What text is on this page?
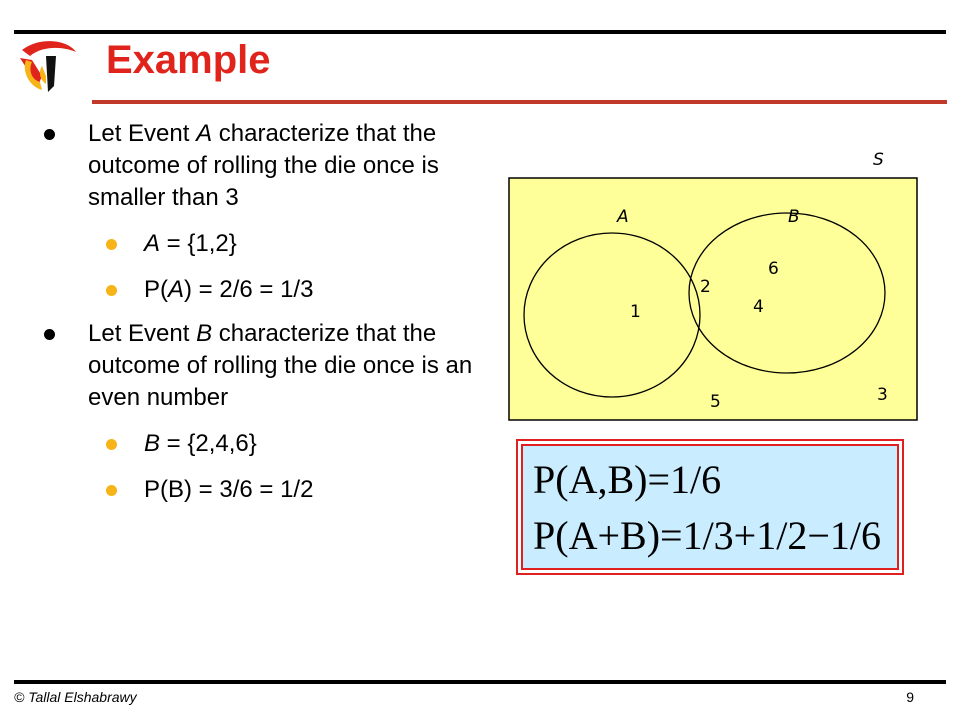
Example
Let Event A characterize that the outcome of rolling the die once is smaller than 3
A = {1,2}
P(A) = 2/6 = 1/3
Let Event B characterize that the outcome of rolling the die once is an even number
B = {2,4,6}
P(B) = 3/6 = 1/2
S
A	B
1
2
6
4
5	3
P(A,B)=1/6
P(A+B)=1/3+1/2−1/6
© Tallal Elshabrawy	9
